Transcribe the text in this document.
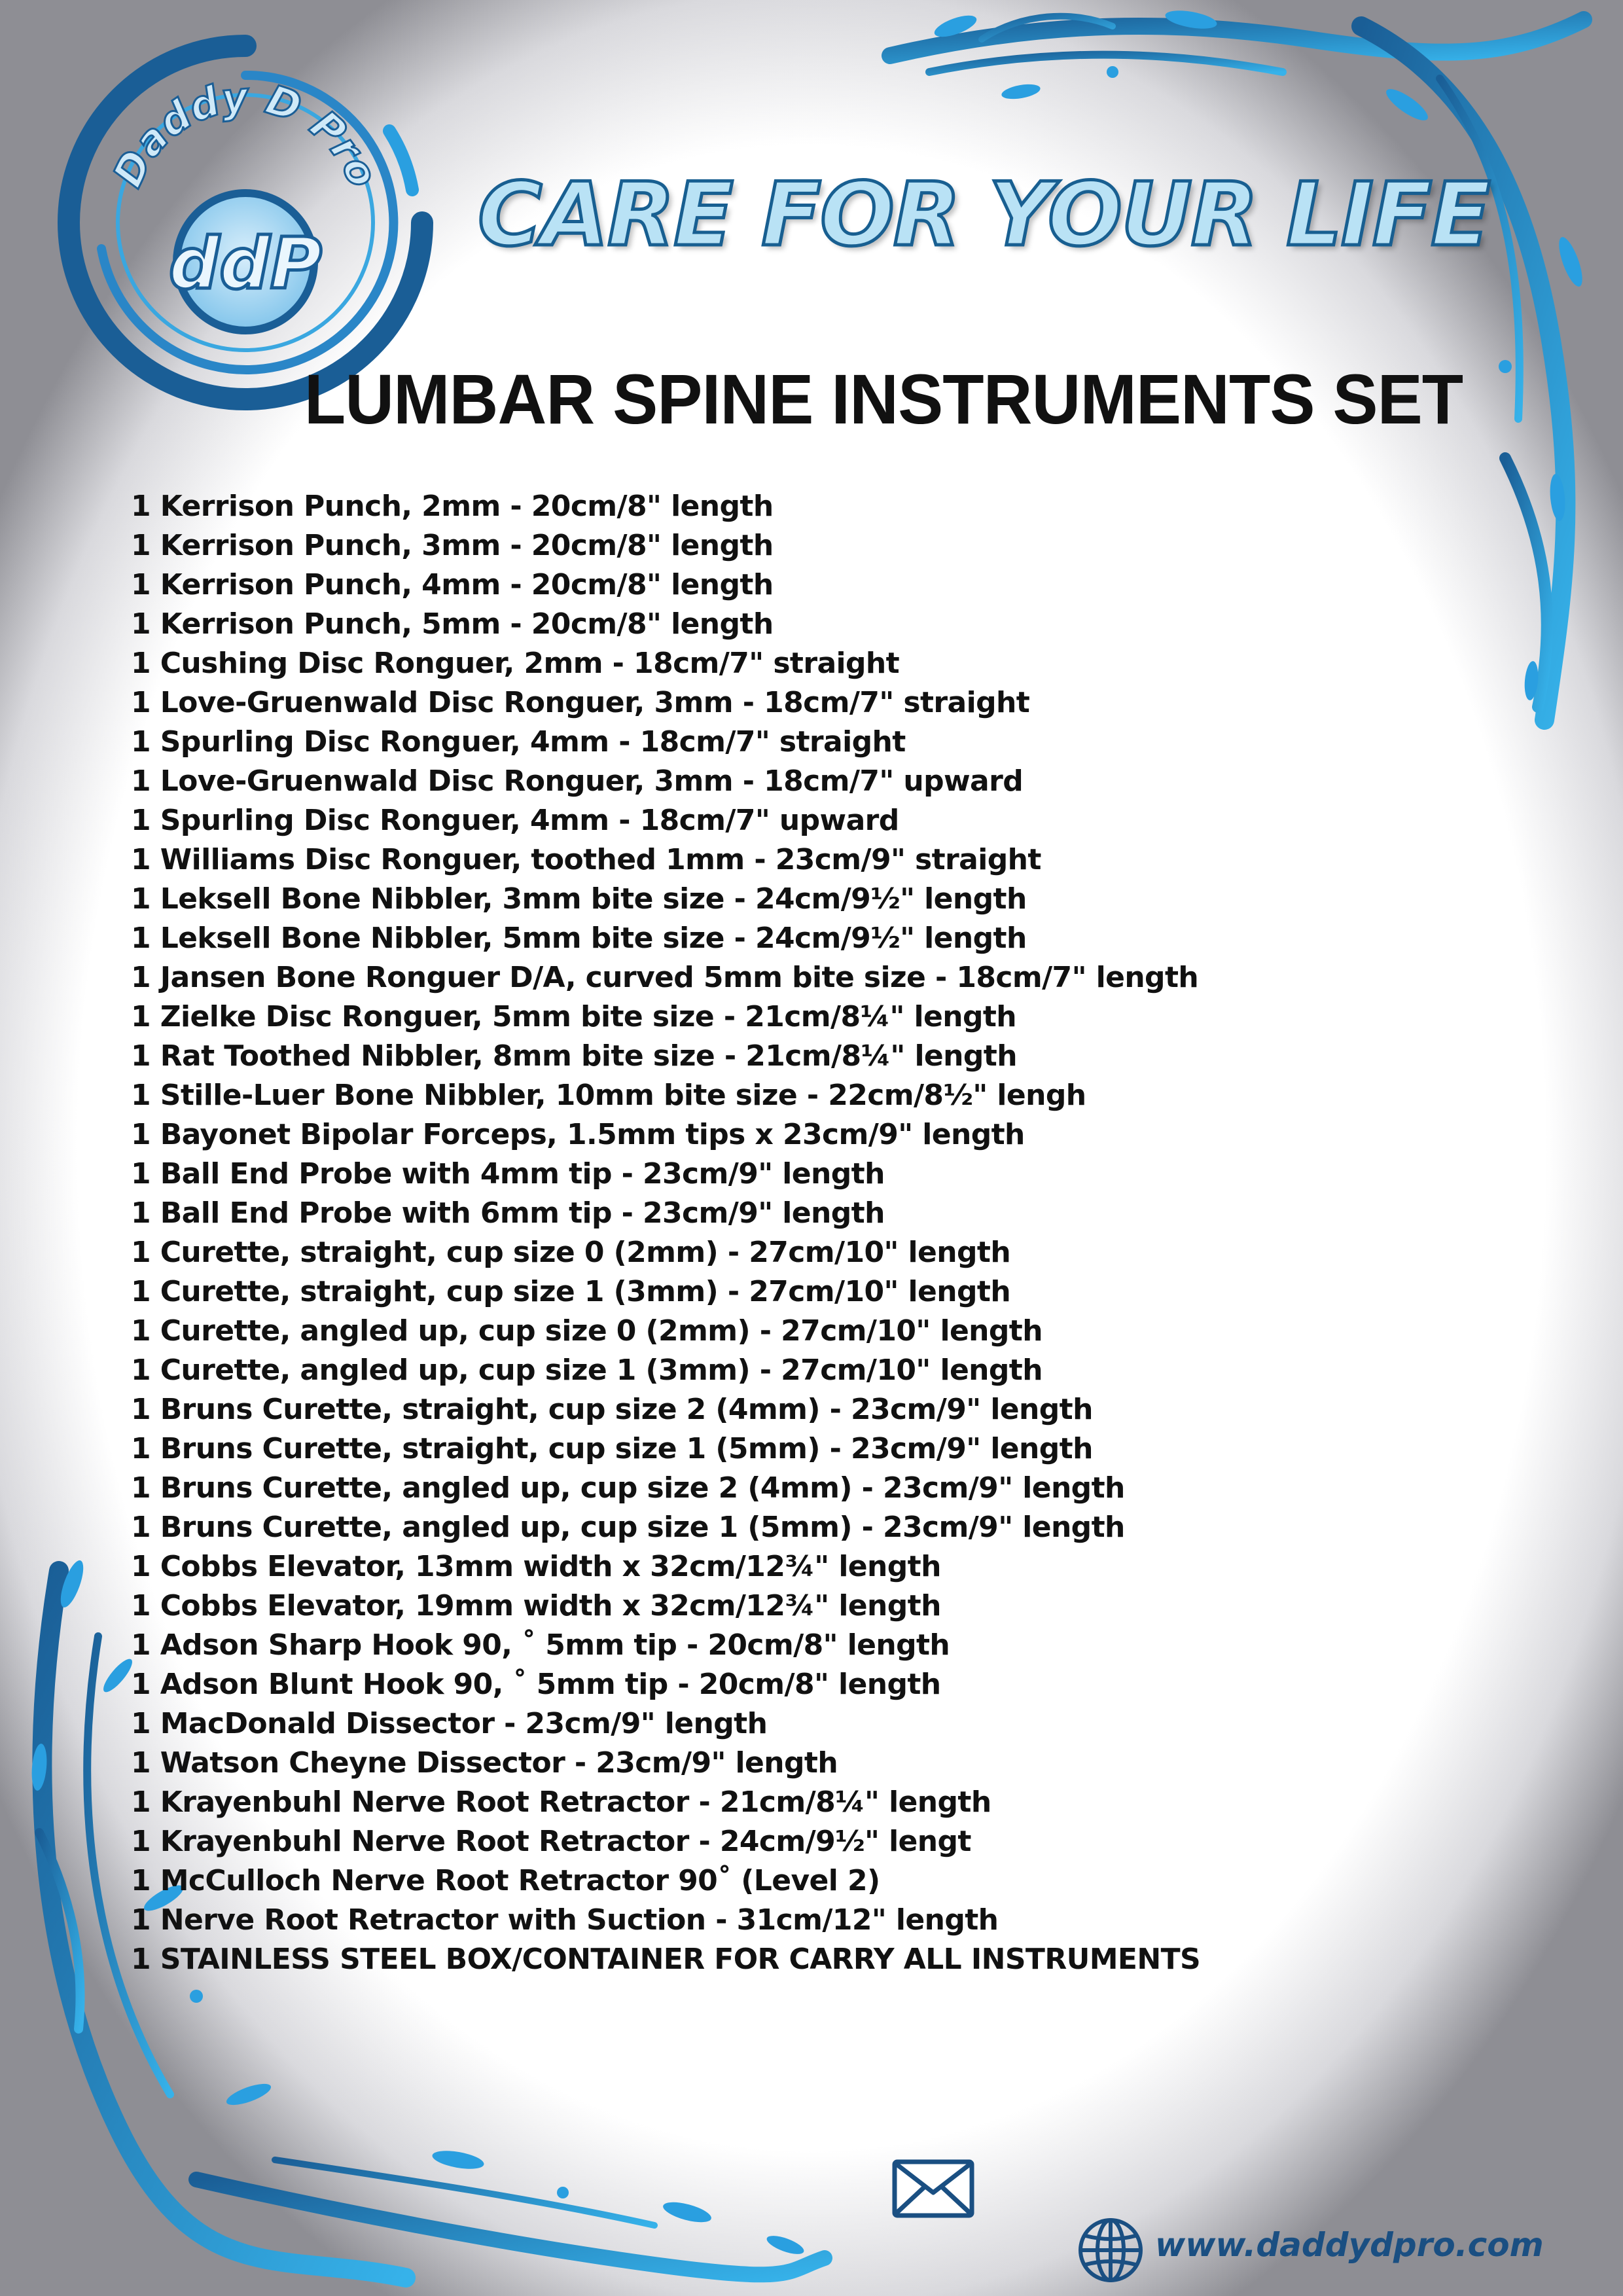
Daddy D Pro
ddP CARE FOR YOUR LIFE
LUMBAR SPINE INSTRUMENTS SET
1 Kerrison Punch, 2mm - 20cm/8" length
1 Kerrison Punch, 3mm - 20cm/8" length
1 Kerrison Punch, 4mm - 20cm/8" length
1 Kerrison Punch, 5mm - 20cm/8" length
1 Cushing Disc Ronguer, 2mm - 18cm/7" straight
1 Love-Gruenwald Disc Ronguer, 3mm - 18cm/7" straight
1 Spurling Disc Ronguer, 4mm - 18cm/7" straight
1 Love-Gruenwald Disc Ronguer, 3mm - 18cm/7" upward
1 Spurling Disc Ronguer, 4mm - 18cm/7" upward
1 Williams Disc Ronguer, toothed 1mm - 23cm/9" straight
1 Leksell Bone Nibbler, 3mm bite size - 24cm/9½" length
1 Leksell Bone Nibbler, 5mm bite size - 24cm/9½" length
1 Jansen Bone Ronguer D/A, curved 5mm bite size - 18cm/7" length
1 Zielke Disc Ronguer, 5mm bite size - 21cm/8¼" length
1 Rat Toothed Nibbler, 8mm bite size - 21cm/8¼" length
1 Stille-Luer Bone Nibbler, 10mm bite size - 22cm/8½" lengh
1 Bayonet Bipolar Forceps, 1.5mm tips x 23cm/9" length
1 Ball End Probe with 4mm tip - 23cm/9" length
1 Ball End Probe with 6mm tip - 23cm/9" length
1 Curette, straight, cup size 0 (2mm) - 27cm/10" length
1 Curette, straight, cup size 1 (3mm) - 27cm/10" length
1 Curette, angled up, cup size 0 (2mm) - 27cm/10" length
1 Curette, angled up, cup size 1 (3mm) - 27cm/10" length
1 Bruns Curette, straight, cup size 2 (4mm) - 23cm/9" length
1 Bruns Curette, straight, cup size 1 (5mm) - 23cm/9" length
1 Bruns Curette, angled up, cup size 2 (4mm) - 23cm/9" length
1 Bruns Curette, angled up, cup size 1 (5mm) - 23cm/9" length
1 Cobbs Elevator, 13mm width x 32cm/12¾" length
1 Cobbs Elevator, 19mm width x 32cm/12¾" length
1 Adson Sharp Hook 90, ˚ 5mm tip - 20cm/8" length
1 Adson Blunt Hook 90, ˚ 5mm tip - 20cm/8" length
1 MacDonald Dissector - 23cm/9" length
1 Watson Cheyne Dissector - 23cm/9" length
1 Krayenbuhl Nerve Root Retractor - 21cm/8¼" length
1 Krayenbuhl Nerve Root Retractor - 24cm/9½" lengt
1 McCulloch Nerve Root Retractor 90˚ (Level 2)
1 Nerve Root Retractor with Suction - 31cm/12" length
1 STAINLESS STEEL BOX/CONTAINER FOR CARRY ALL INSTRUMENTS
www.daddydpro.com
